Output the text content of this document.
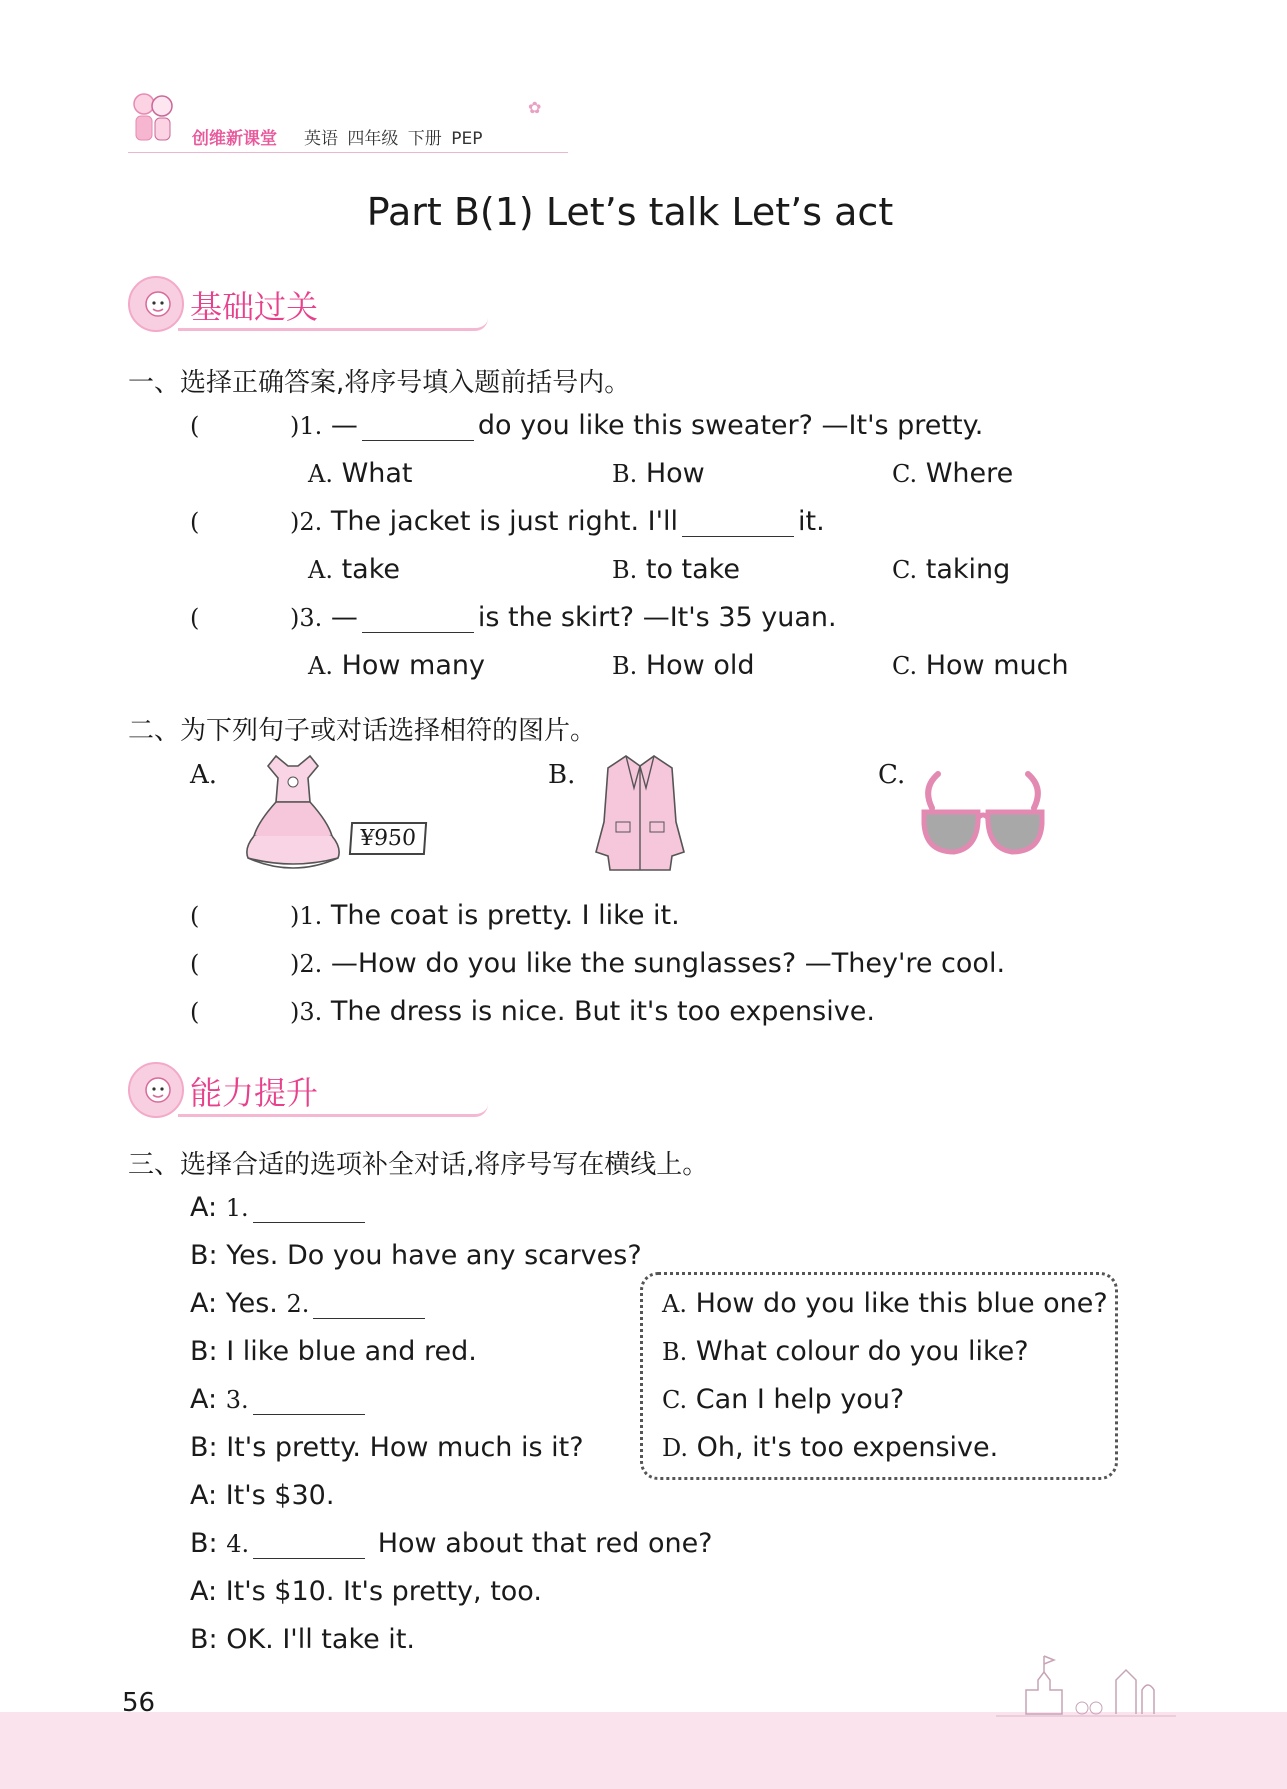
创维新课堂 英语 四年级 下册 PEP
✿
Part B(1) Let’s talk Let’s act
基础过关
一、选择正确答案,将序号填入题前括号内。
(	)1. —	do you like this sweater? —It's pretty.
A. What	B. How	C. Where
(	)2. The jacket is just right. I'll	it.
A. take	B. to take	C. taking
(	)3. —	is the skirt? —It's 35 yuan.
A. How many	B. How old	C. How much
二、为下列句子或对话选择相符的图片。
A.
¥950
B.	C.
(	)1. The coat is pretty. I like it.
(	)2. —How do you like the sunglasses? —They're cool.
(	)3. The dress is nice. But it's too expensive.
能力提升
三、选择合适的选项补全对话,将序号写在横线上。
A: 1.
B: Yes. Do you have any scarves?
A: Yes. 2.
B: I like blue and red.
A: 3.
B: It's pretty. How much is it?
A: It's $30.
B: 4.	How about that red one?
A: It's $10. It's pretty, too.
B: OK. I'll take it.
A. How do you like this blue one?
B. What colour do you like?
C. Can I help you?
D. Oh, it's too expensive.
56
